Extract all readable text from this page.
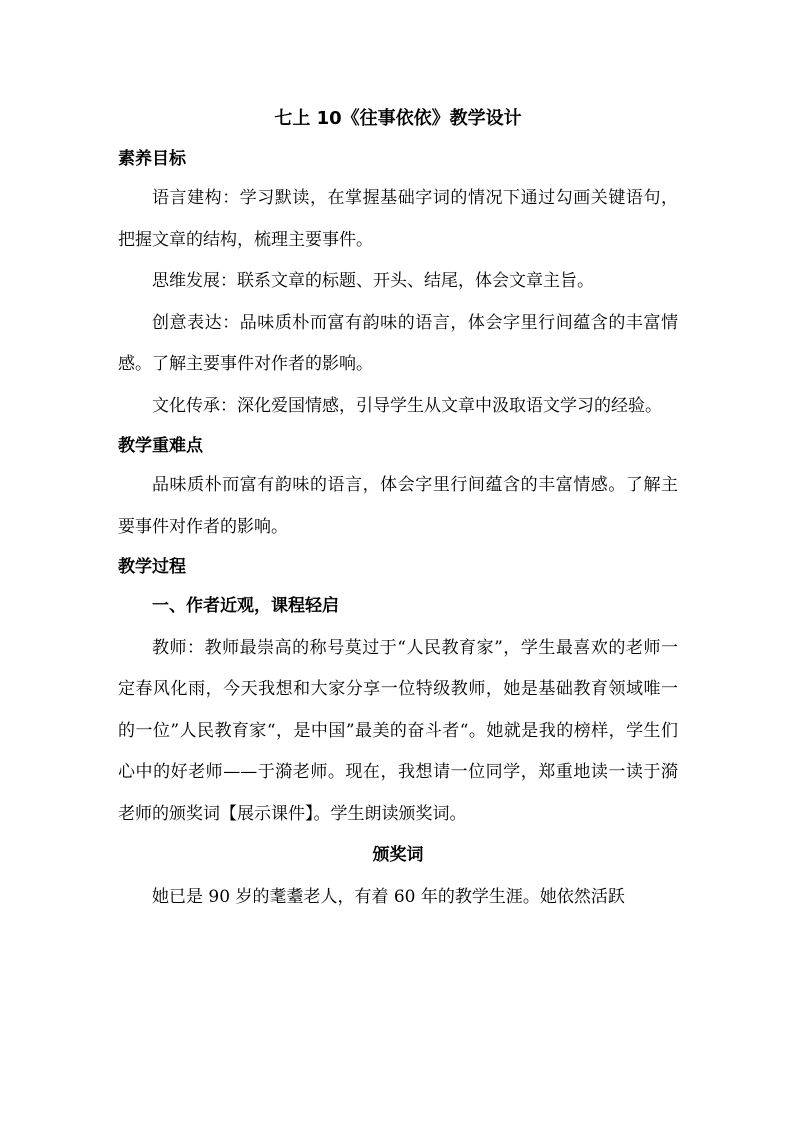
七上 10《往事依依》教学设计
素养目标

语言建构：学习默读，在掌握基础字词的情况下通过勾画关键语句，把握文章的结构，梳理主要事件。

思维发展：联系文章的标题、开头、结尾，体会文章主旨。

创意表达：品味质朴而富有韵味的语言，体会字里行间蕴含的丰富情感。了解主要事件对作者的影响。

文化传承：深化爱国情感，引导学生从文章中汲取语文学习的经验。

教学重难点

品味质朴而富有韵味的语言，体会字里行间蕴含的丰富情感。了解主要事件对作者的影响。

教学过程
一、作者近观，课程轻启

教师：教师最崇高的称号莫过于“人民教育家”，学生最喜欢的老师一定春风化雨，今天我想和大家分享一位特级教师，她是基础教育领域唯一的一位”人民教育家“，是中国”最美的奋斗者“。她就是我的榜样，学生们心中的好老师——于漪老师。现在，我想请一位同学，郑重地读一读于漪老师的颁奖词【展示课件】。学生朗读颁奖词。

颁奖词

她已是 90 岁的耄耋老人，有着 60 年的教学生涯。她依然活跃
